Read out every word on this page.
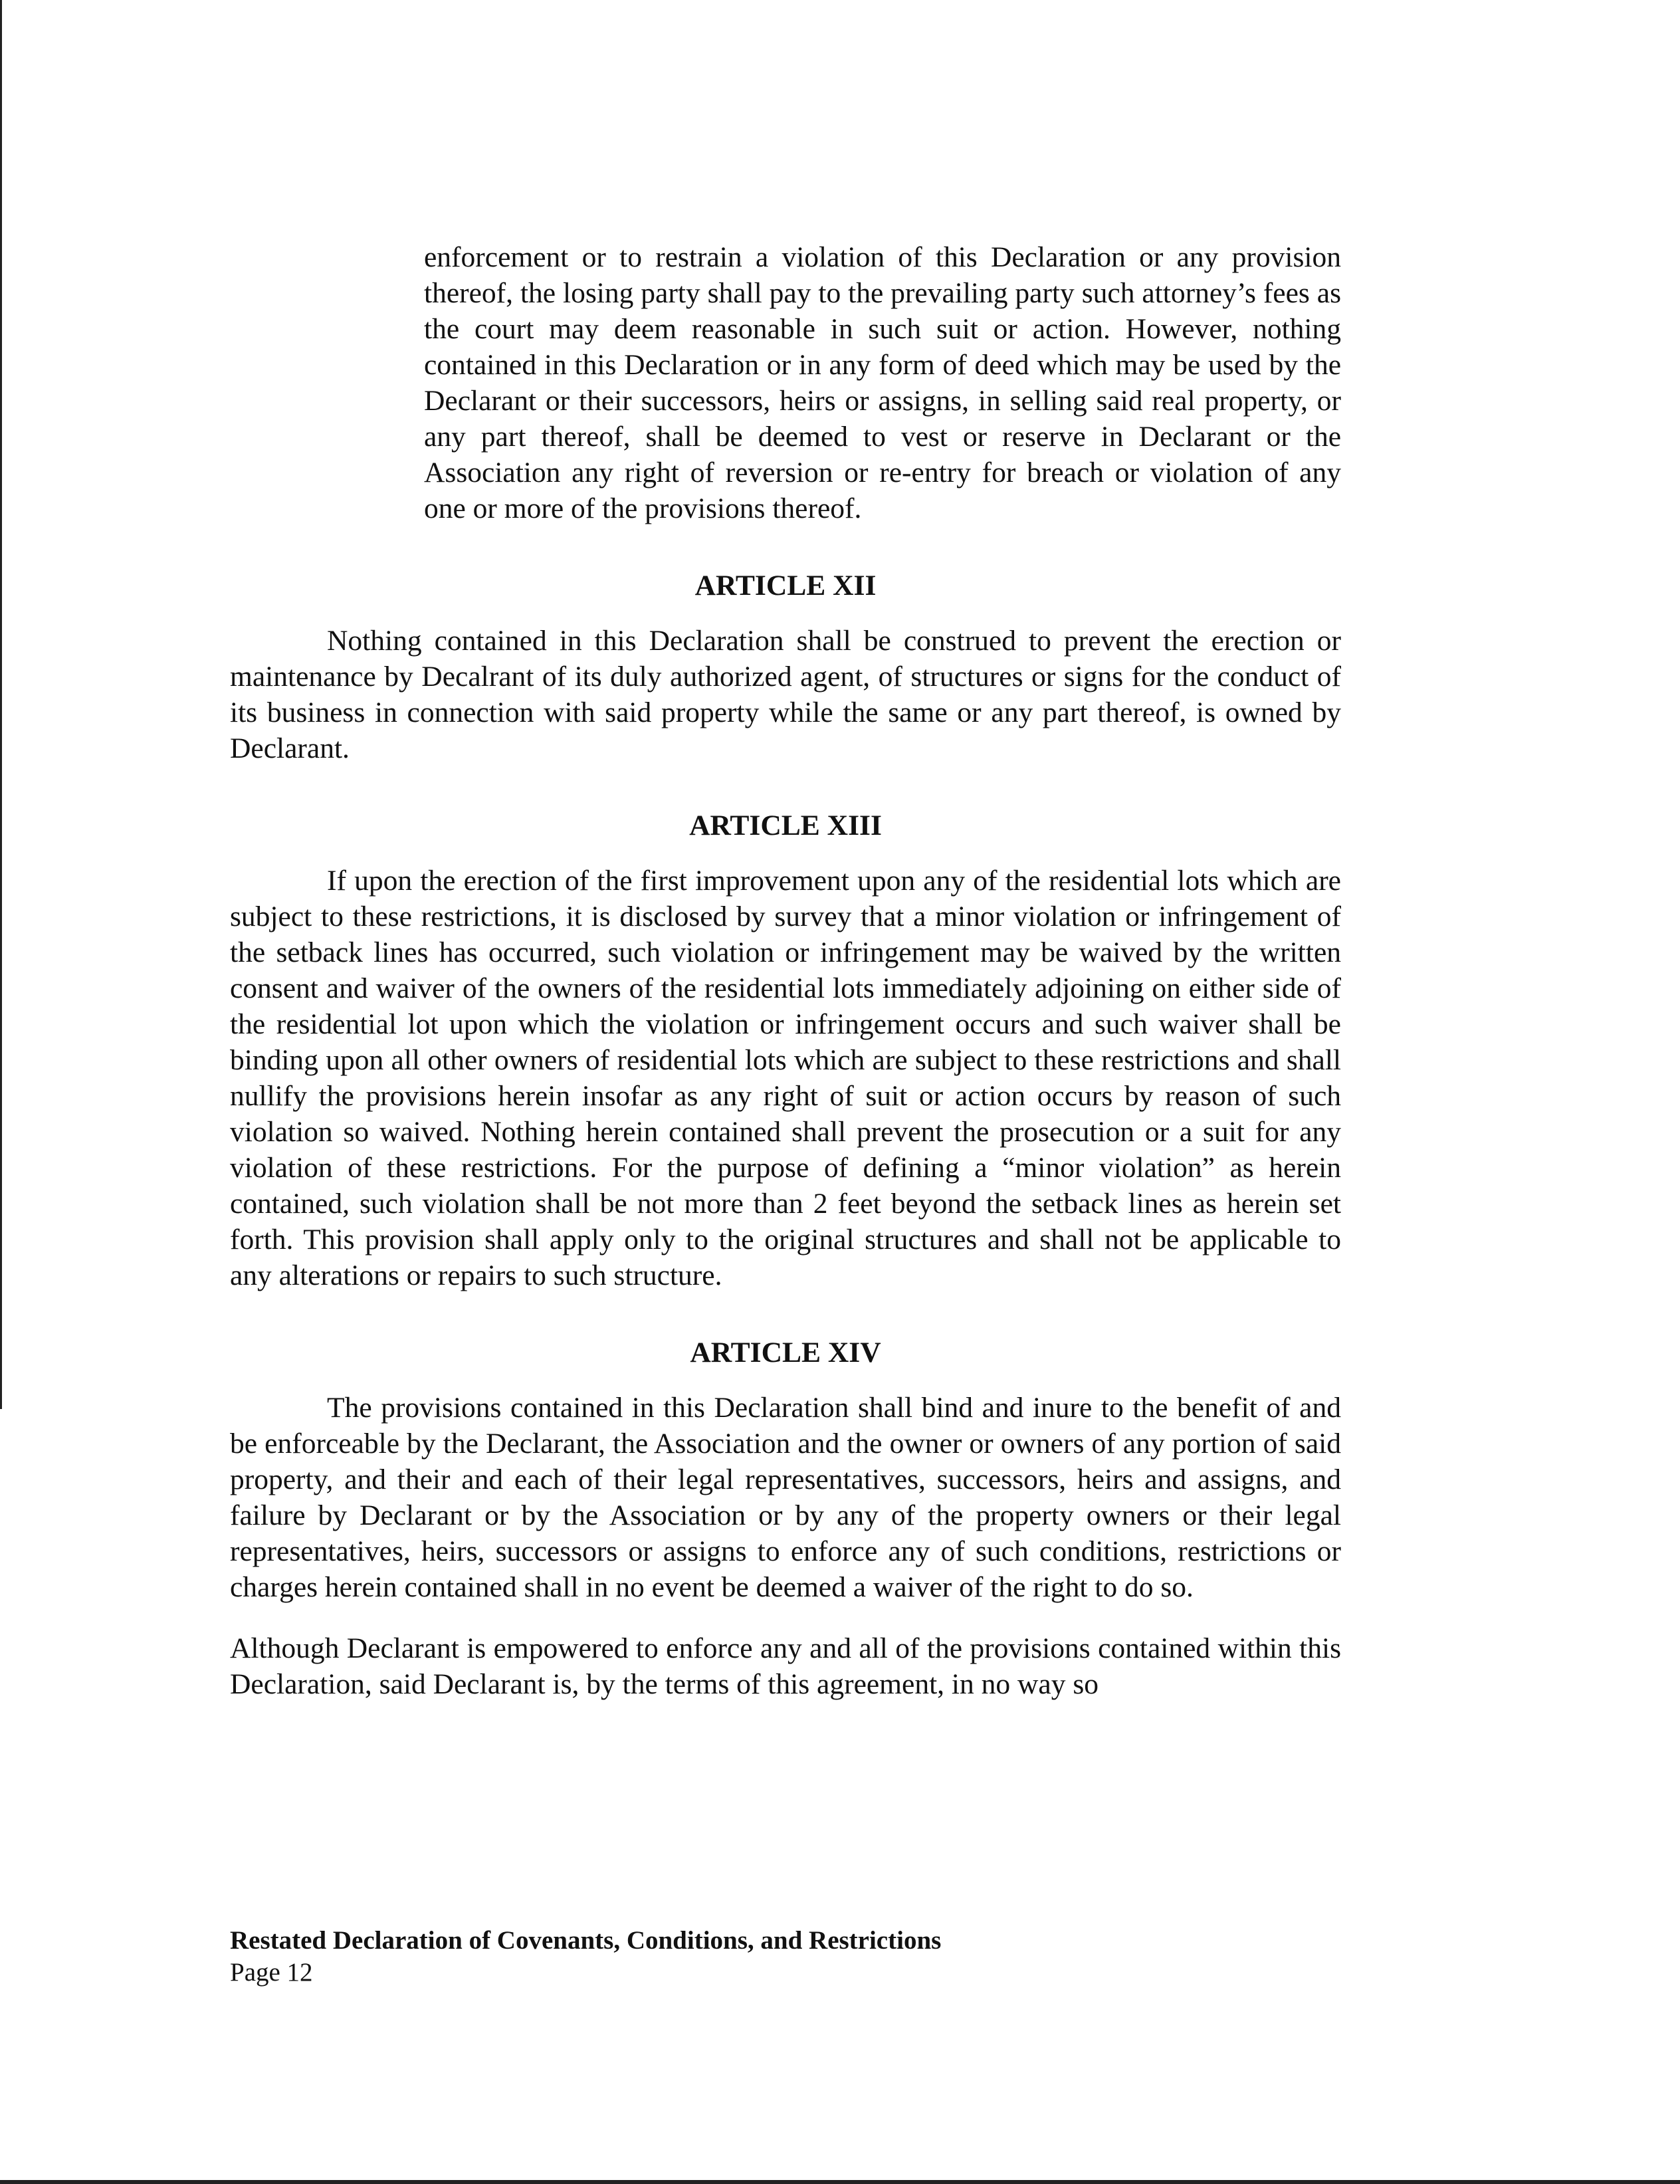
enforcement or to restrain a violation of this Declaration or any provision thereof, the losing party shall pay to the prevailing party such attorney’s fees as the court may deem reasonable in such suit or action. However, nothing contained in this Declaration or in any form of deed which may be used by the Declarant or their successors, heirs or assigns, in selling said real property, or any part thereof, shall be deemed to vest or reserve in Declarant or the Association any right of reversion or re-entry for breach or violation of any one or more of the provisions thereof.

ARTICLE XII

Nothing contained in this Declaration shall be construed to prevent the erection or maintenance by Decalrant of its duly authorized agent, of structures or signs for the conduct of its business in connection with said property while the same or any part thereof, is owned by Declarant.

ARTICLE XIII

If upon the erection of the first improvement upon any of the residential lots which are subject to these restrictions, it is disclosed by survey that a minor violation or infringement of the setback lines has occurred, such violation or infringement may be waived by the written consent and waiver of the owners of the residential lots immediately adjoining on either side of the residential lot upon which the violation or infringement occurs and such waiver shall be binding upon all other owners of residential lots which are subject to these restrictions and shall nullify the provisions herein insofar as any right of suit or action occurs by reason of such violation so waived. Nothing herein contained shall prevent the prosecution or a suit for any violation of these restrictions. For the purpose of defining a “minor violation” as herein contained, such violation shall be not more than 2 feet beyond the setback lines as herein set forth. This provision shall apply only to the original structures and shall not be applicable to any alterations or repairs to such structure.

ARTICLE XIV

The provisions contained in this Declaration shall bind and inure to the benefit of and be enforceable by the Declarant, the Association and the owner or owners of any portion of said property, and their and each of their legal representatives, successors, heirs and assigns, and failure by Declarant or by the Association or by any of the property owners or their legal representatives, heirs, successors or assigns to enforce any of such conditions, restrictions or charges herein contained shall in no event be deemed a waiver of the right to do so.

Although Declarant is empowered to enforce any and all of the provisions contained within this Declaration, said Declarant is, by the terms of this agreement, in no way so

Restated Declaration of Covenants, Conditions, and Restrictions

Page 12
